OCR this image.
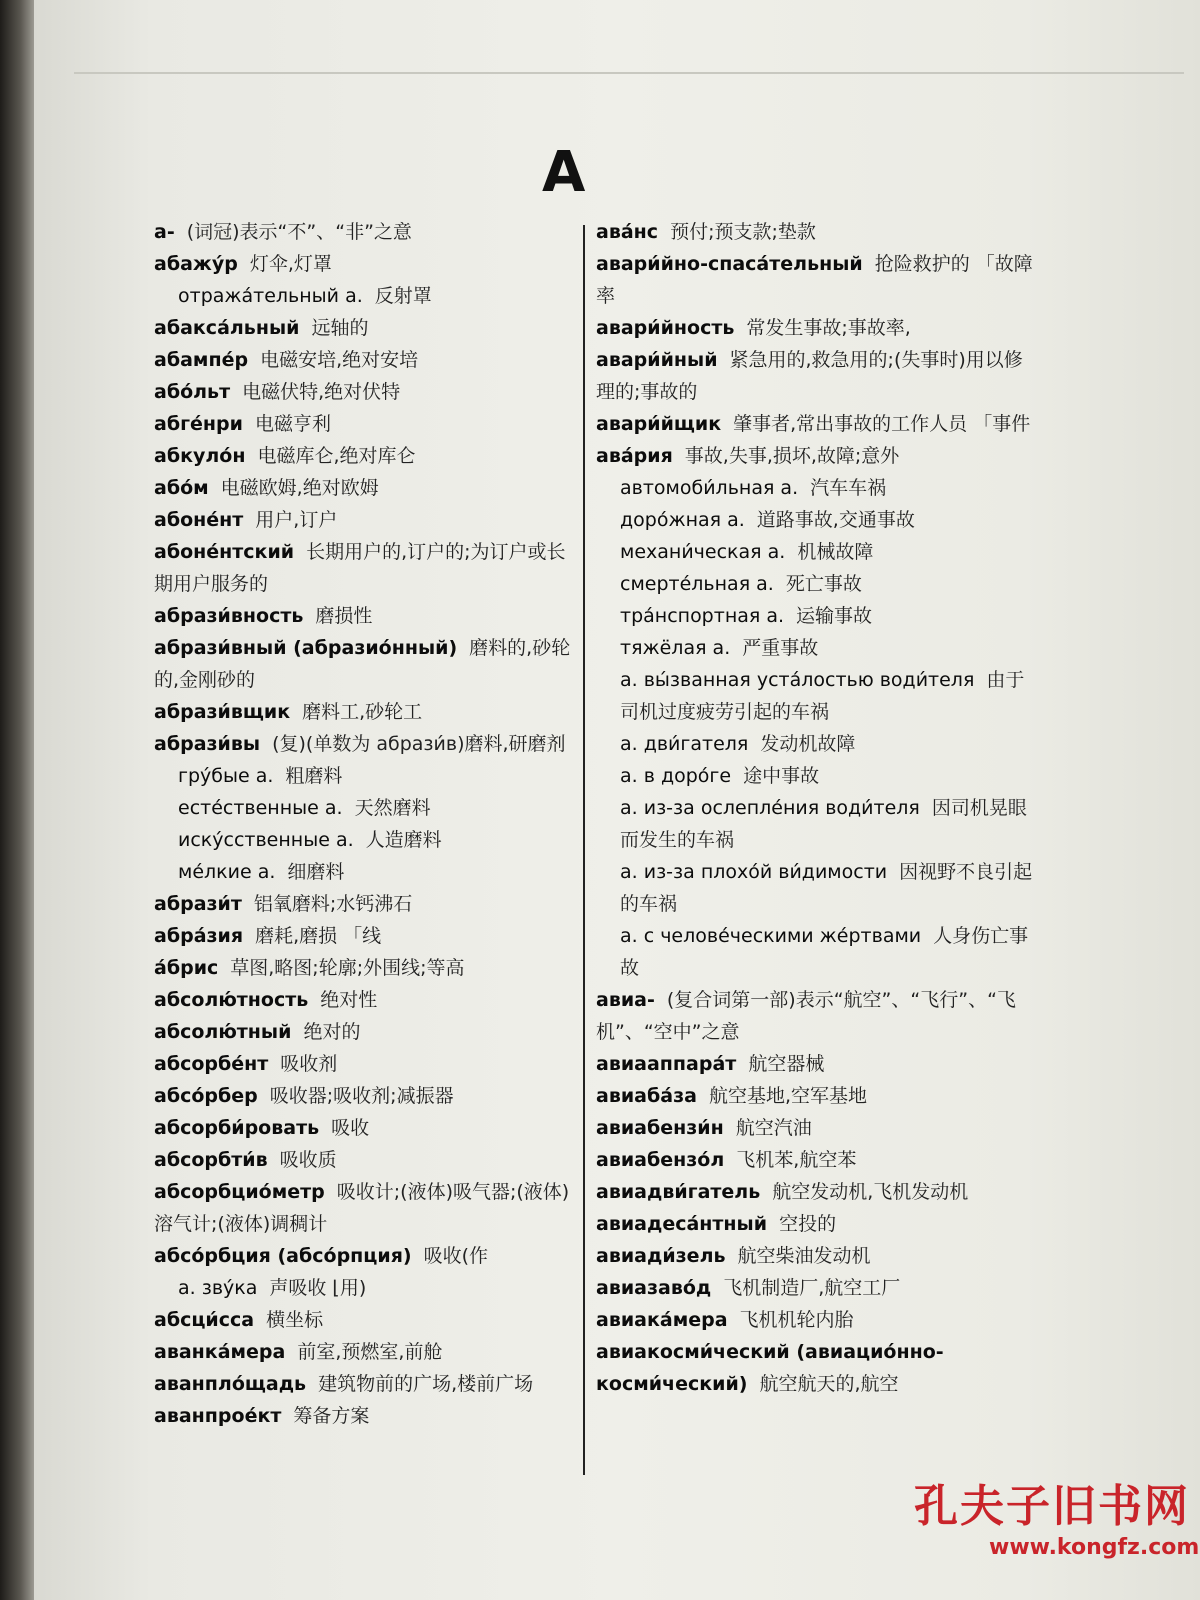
A

а- (词冠)表示“不”、“非”之意

абажу́р 灯伞,灯罩

отража́тельный а. 反射罩

абакса́льный 远轴的

абампе́р 电磁安培,绝对安培

або́льт 电磁伏特,绝对伏特

абге́нри 电磁亨利

абкуло́н 电磁库仑,绝对库仑

або́м 电磁欧姆,绝对欧姆

абоне́нт 用户,订户

абоне́нтский 长期用户的,订户的;为订户或长期用户服务的

абрази́вность 磨损性

абрази́вный (абразио́нный) 磨料的,砂轮的,金刚砂的

абрази́вщик 磨料工,砂轮工

абрази́вы (复)(单数为 абрази́в)磨料,研磨剂

гру́бые а. 粗磨料

есте́ственные а. 天然磨料

иску́сственные а. 人造磨料

ме́лкие а. 细磨料

абрази́т 铝氧磨料;水钙沸石

абра́зия 磨耗,磨损 「线

а́брис 草图,略图;轮廓;外围线;等高

абсолю́тность 绝对性

абсолю́тный 绝对的

абсорбе́нт 吸收剂

абсо́рбер 吸收器;吸收剂;减振器

абсорби́ровать 吸收

абсорбти́в 吸收质

абсорбцио́метр 吸收计;(液体)吸气器;(液体)溶气计;(液体)调稠计

абсо́рбция (абсо́рпция) 吸收(作

а. зву́ка 声吸收 ⌊用)

абсци́сса 横坐标

аванка́мера 前室,预燃室,前舱

аванпло́щадь 建筑物前的广场,楼前广场

аванпрое́кт 筹备方案

ава́нс 预付;预支款;垫款

авари́йно-спаса́тельный 抢险救护的 「故障率

авари́йность 常发生事故;事故率,

авари́йный 紧急用的,救急用的;(失事时)用以修理的;事故的

авари́йщик 肇事者,常出事故的工作人员 「事件

ава́рия 事故,失事,损坏,故障;意外

автомоби́льная а. 汽车车祸

доро́жная а. 道路事故,交通事故

механи́ческая а. 机械故障

смерте́льная а. 死亡事故

тра́нспортная а. 运输事故

тяжёлая а. 严重事故

а. вы́званная уста́лостью води́теля 由于司机过度疲劳引起的车祸

а. дви́гателя 发动机故障

а. в доро́ге 途中事故

а. из-за ослепле́ния води́теля 因司机晃眼而发生的车祸

а. из-за плохо́й ви́димости 因视野不良引起的车祸

а. с челове́ческими же́ртвами 人身伤亡事故

авиа- (复合词第一部)表示“航空”、“飞行”、“飞机”、“空中”之意

авиааппара́т 航空器械

авиаба́за 航空基地,空军基地

авиабензи́н 航空汽油

авиабензо́л 飞机苯,航空苯

авиадви́гатель 航空发动机,飞机发动机

авиадеса́нтный 空投的

авиади́зель 航空柴油发动机

авиазаво́д 飞机制造厂,航空工厂

авиака́мера 飞机机轮内胎

авиакосми́ческий (авиацио́нно-косми́ческий) 航空航天的,航空

孔夫子旧书网
www.kongfz.com
